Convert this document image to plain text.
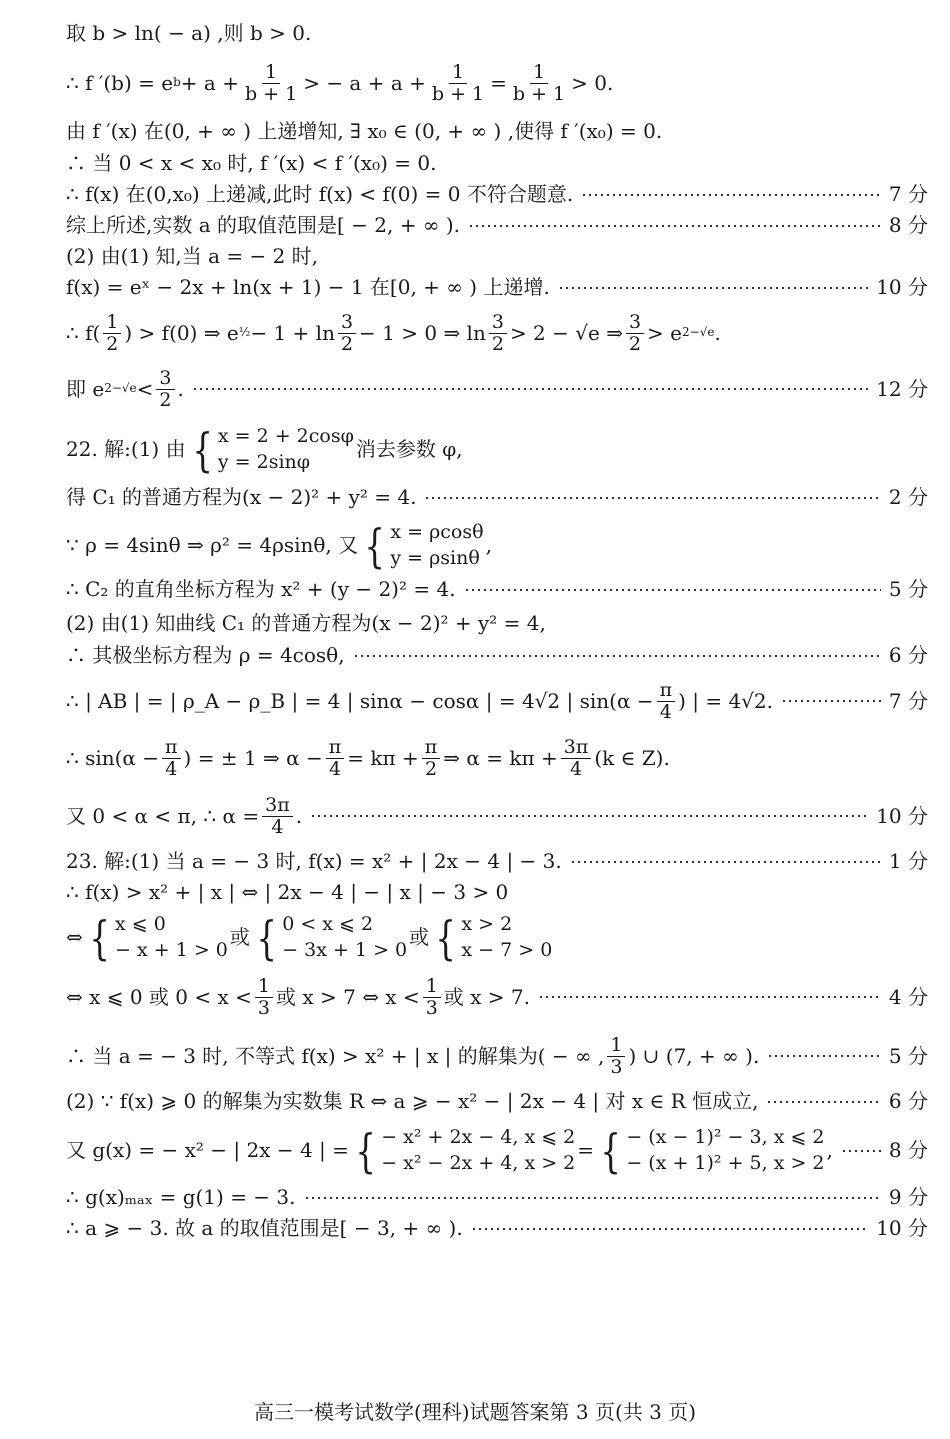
取 b > ln( − a) ,则 b > 0.
∴ f ′(b) = e $b + a + \frac{1}{b + 1}$ > − $a + a + \frac{1}{b + 1} = \frac{1}{b + 1} > 0$.
由 f ′(x) 在(0, + ∞ ) 上递增知, ∃ x₀ ∈ (0, + ∞ ) ,使得 f ′(x₀) = 0.
∴ 当 0 < x < x₀ 时, f ′(x) < f ′(x₀) = 0.
∴ f(x) 在(0,x₀) 上递减,此时 f(x) < f(0) = 0 不符合题意.	7 分
综上所述,实数 a 的取值范围是[ − 2, + ∞ ).	8 分
(2) 由(1) 知,当 a = − 2 时,
f(x) = eˣ − 2x + ln(x + 1) − 1 在[0, + ∞ ) 上递增.	10 分
∴ $f( \frac{1}{2}$ ) > f(0) ⇒ e ½ − $1 + \ln \frac{3}{2} - 1 > 0$ ⇒ $\ln \frac{3}{2} > 2 - √e$ ⇒ $\frac{3}{2} > e$ 2−√e .
即 e $2-√e < \frac{3}{2}$ .	12 分
22. 解:(1) 由 { x = 2 + 2cosφ
y = 2sinφ
消去参数 φ,
得 C₁ 的普通方程为(x − 2)² + y² = 4.	2 分
∵ ρ = 4sinθ ⇒ ρ² = 4ρsinθ, 又 { x = ρcosθ
y = ρsinθ
,
∴ C₂ 的直角坐标方程为 x² + (y − 2)² = 4.	5 分
(2) 由(1) 知曲线 C₁ 的普通方程为(x − 2)² + y² = 4,
∴ 其极坐标方程为 ρ = 4cosθ,	6 分
∴ | AB | = | ρ_A − ρ_B | = 4 | sinα − cosα | = 4√2 | $\sin(\alpha - \frac{\pi}{4}$ ) | = 4√2.	7 分
∴ $\sin(\alpha - \frac{\pi}{4}$ ) = ± 1 ⇒ $\alpha - \frac{\pi}{4} = k\pi + \frac{\pi}{2}$ ⇒ $\alpha = k\pi + \frac{3\pi}{4} (k$ ∈ Z).
又 0 < α < π, ∴ $\alpha = \frac{3\pi}{4}$ .	10 分
23. 解:(1) 当 a = − 3 时, f(x) = x² + | 2x − 4 | − 3.	1 分
∴ f(x) > x² + | x | ⇔ | 2x − 4 | − | x | − 3 > 0
⇔ { x ⩽ 0
− x + 1 > 0
或 { 0 < x ⩽ 2
− 3x + 1 > 0
或 { x > 2
x − 7 > 0
⇔ x ⩽ 0 或 $0 < x < \frac{1}{3}$ 或 x > 7 ⇔ $x < \frac{1}{3}$ 或 x > 7.	4 分
∴ 当 a = − 3 时, 不等式 f(x) > x² + | x | 的解集为( − ∞ , $\frac{1}{3}$ ) ∪ (7, + ∞ ).	5 分
(2) ∵ f(x) ⩾ 0 的解集为实数集 R ⇔ a ⩾ − x² − | 2x − 4 | 对 x ∈ R 恒成立,	6 分
又 g(x) = − x² − | 2x − 4 | = { − x² + 2x − 4, x ⩽ 2
− x² − 2x + 4, x > 2
= { − (x − 1)² − 3, x ⩽ 2
− (x + 1)² + 5, x > 2
,	8 分
∴ g(x)ₘₐₓ = g(1) = − 3.	9 分
∴ a ⩾ − 3. 故 a 的取值范围是[ − 3, + ∞ ).	10 分
高三一模考试数学(理科)试题答案第 3 页(共 3 页)
